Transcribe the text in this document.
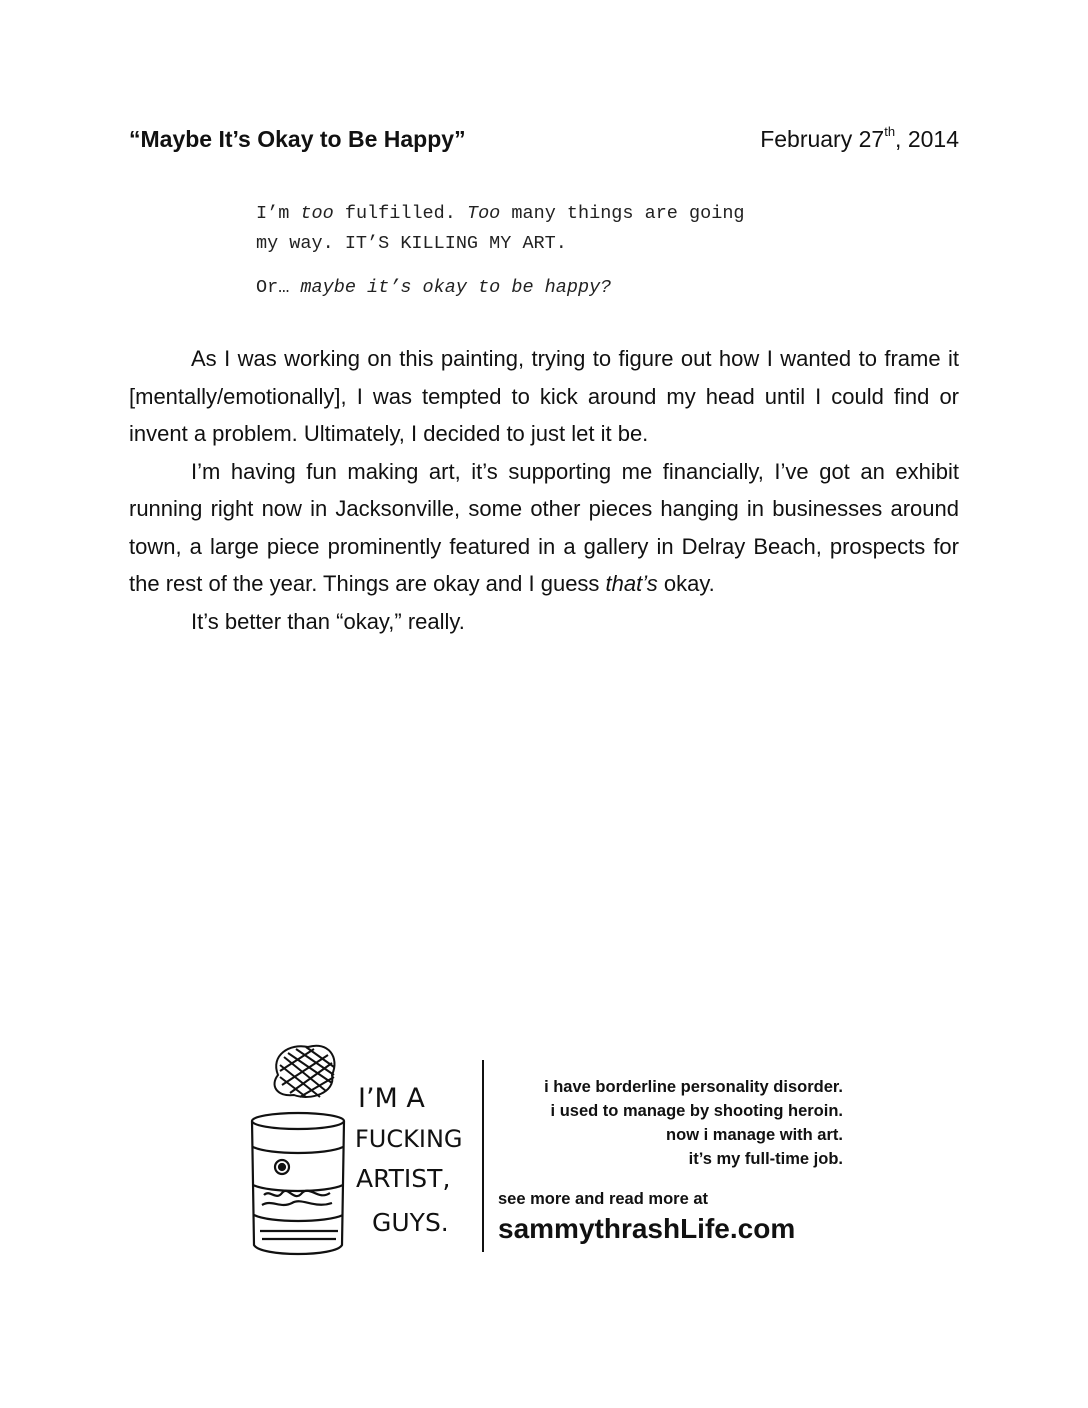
“Maybe It’s Okay to Be Happy”	February 27th, 2014
I’m too fulfilled. Too many things are going
my way. IT’S KILLING MY ART.
Or… maybe it’s okay to be happy?

As I was working on this painting, trying to figure out how I wanted to frame it [mentally/emotionally], I was tempted to kick around my head until I could find or invent a problem. Ultimately, I decided to just let it be.

I’m having fun making art, it’s supporting me financially, I’ve got an exhibit running right now in Jacksonville, some other pieces hanging in businesses around town, a large piece prominently featured in a gallery in Delray Beach, prospects for the rest of the year. Things are okay and I guess that’s okay.

It’s better than “okay,” really.

I’M A
FUCKING
ARTIST,
GUYS.
i have borderline personality disorder.
i used to manage by shooting heroin.
now i manage with art.
it’s my full-time job.
see more and read more at
sammythrashLife.com
